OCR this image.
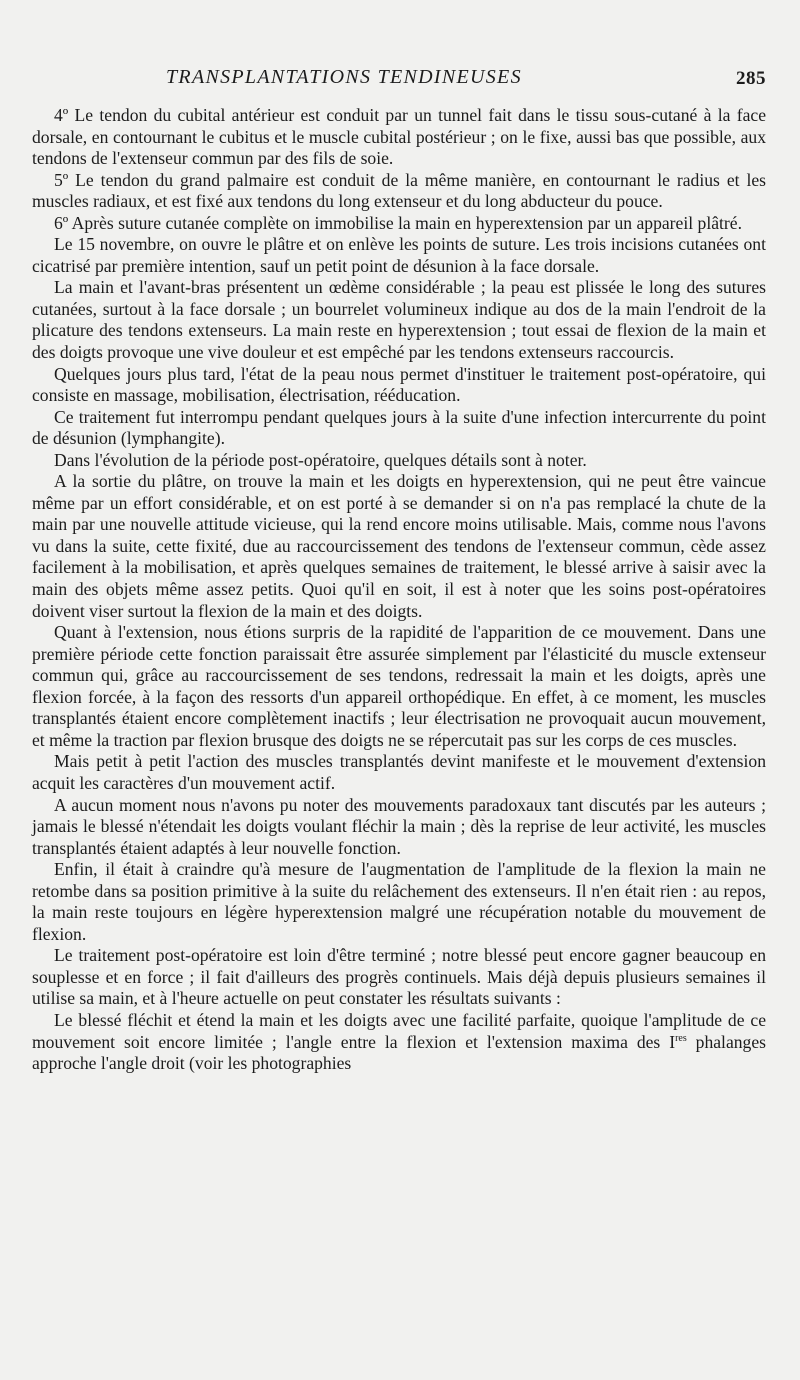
TRANSPLANTATIONS TENDINEUSES	285

4º Le tendon du cubital antérieur est conduit par un tunnel fait dans le tissu sous-cutané à la face dorsale, en contournant le cubitus et le muscle cubital postérieur ; on le fixe, aussi bas que possible, aux tendons de l'extenseur commun par des fils de soie.

5º Le tendon du grand palmaire est conduit de la même manière, en contournant le radius et les muscles radiaux, et est fixé aux tendons du long extenseur et du long abducteur du pouce.

6º Après suture cutanée complète on immobilise la main en hyperextension par un appareil plâtré.

Le 15 novembre, on ouvre le plâtre et on enlève les points de suture. Les trois incisions cutanées ont cicatrisé par première intention, sauf un petit point de désunion à la face dorsale.

La main et l'avant-bras présentent un œdème considérable ; la peau est plissée le long des sutures cutanées, surtout à la face dorsale ; un bourrelet volumineux indique au dos de la main l'endroit de la plicature des tendons extenseurs. La main reste en hyperextension ; tout essai de flexion de la main et des doigts provoque une vive douleur et est empêché par les tendons extenseurs raccourcis.

Quelques jours plus tard, l'état de la peau nous permet d'instituer le traitement post-opératoire, qui consiste en massage, mobilisation, électrisation, rééducation.

Ce traitement fut interrompu pendant quelques jours à la suite d'une infection intercurrente du point de désunion (lymphangite).

Dans l'évolution de la période post-opératoire, quelques détails sont à noter.

A la sortie du plâtre, on trouve la main et les doigts en hyperextension, qui ne peut être vaincue même par un effort considérable, et on est porté à se demander si on n'a pas remplacé la chute de la main par une nouvelle attitude vicieuse, qui la rend encore moins utilisable. Mais, comme nous l'avons vu dans la suite, cette fixité, due au raccourcissement des tendons de l'extenseur commun, cède assez facilement à la mobilisation, et après quelques semaines de traitement, le blessé arrive à saisir avec la main des objets même assez petits. Quoi qu'il en soit, il est à noter que les soins post-opératoires doivent viser surtout la flexion de la main et des doigts.

Quant à l'extension, nous étions surpris de la rapidité de l'apparition de ce mouvement. Dans une première période cette fonction paraissait être assurée simplement par l'élasticité du muscle extenseur commun qui, grâce au raccourcissement de ses tendons, redressait la main et les doigts, après une flexion forcée, à la façon des ressorts d'un appareil orthopédique. En effet, à ce moment, les muscles transplantés étaient encore complètement inactifs ; leur électrisation ne provoquait aucun mouvement, et même la traction par flexion brusque des doigts ne se répercutait pas sur les corps de ces muscles.

Mais petit à petit l'action des muscles transplantés devint manifeste et le mouvement d'extension acquit les caractères d'un mouvement actif.

A aucun moment nous n'avons pu noter des mouvements paradoxaux tant discutés par les auteurs ; jamais le blessé n'étendait les doigts voulant fléchir la main ; dès la reprise de leur activité, les muscles transplantés étaient adaptés à leur nouvelle fonction.

Enfin, il était à craindre qu'à mesure de l'augmentation de l'amplitude de la flexion la main ne retombe dans sa position primitive à la suite du relâchement des extenseurs. Il n'en était rien : au repos, la main reste toujours en légère hyperextension malgré une récupération notable du mouvement de flexion.

Le traitement post-opératoire est loin d'être terminé ; notre blessé peut encore gagner beaucoup en souplesse et en force ; il fait d'ailleurs des progrès continuels. Mais déjà depuis plusieurs semaines il utilise sa main, et à l'heure actuelle on peut constater les résultats suivants :

Le blessé fléchit et étend la main et les doigts avec une facilité parfaite, quoique l'amplitude de ce mouvement soit encore limitée ; l'angle entre la flexion et l'extension maxima des Ires phalanges approche l'angle droit (voir les photographies
